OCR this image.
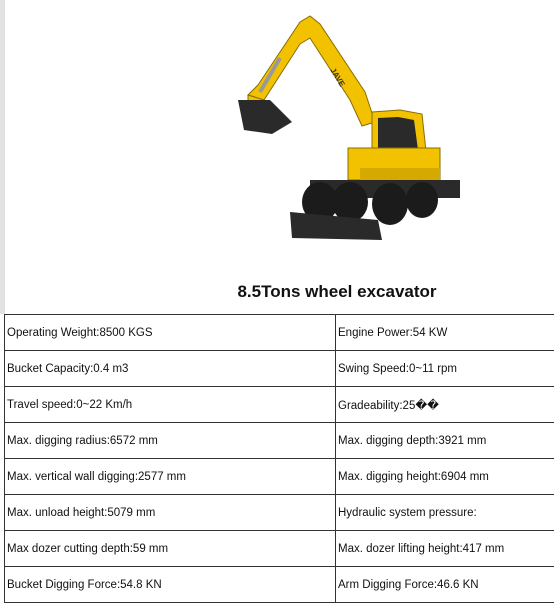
JAVE
8.5Tons wheel excavator
Operating Weight:8500 KGS	Engine Power:54 KW
Bucket Capacity:0.4 m3	Swing Speed:0~11 rpm
Travel speed:0~22 Km/h	Gradeability:25��
Max. digging radius:6572 mm	Max. digging depth:3921 mm
Max. vertical wall digging:2577 mm	Max. digging height:6904 mm
Max. unload height:5079 mm	Hydraulic system pressure:
Max dozer cutting depth:59 mm	Max. dozer lifting height:417 mm
Bucket Digging Force:54.8 KN	Arm Digging Force:46.6 KN
